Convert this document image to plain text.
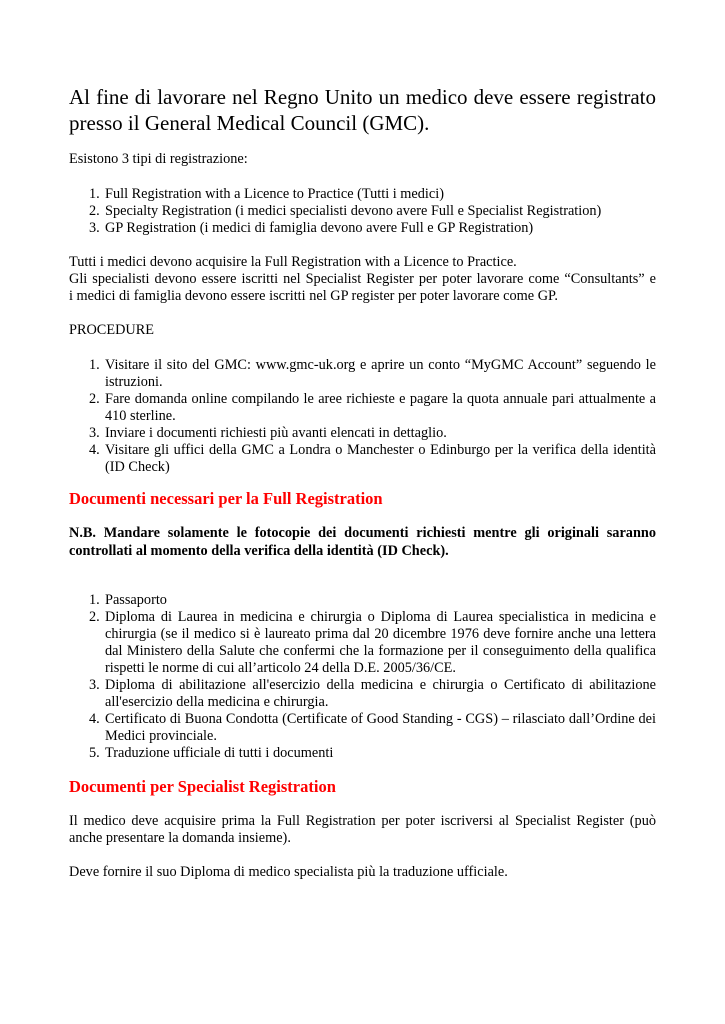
Al fine di lavorare nel Regno Unito un medico deve essere registrato
presso il General Medical Council (GMC).

Esistono 3 tipi di registrazione:

1. Full Registration with a Licence to Practice (Tutti i medici)
2. Specialty Registration (i medici specialisti devono avere Full e Specialist Registration)
3. GP Registration (i medici di famiglia devono avere Full e GP Registration)

Tutti i medici devono acquisire la Full Registration with a Licence to Practice.

Gli specialisti devono essere iscritti nel Specialist Register per poter lavorare come “Consultants” e

i medici di famiglia devono essere iscritti nel GP register per poter lavorare come GP.

PROCEDURE

1. Visitare il sito del GMC: www.gmc-uk.org e aprire un conto “MyGMC Account” seguendo le istruzioni.
2. Fare domanda online compilando le aree richieste e pagare la quota annuale pari attualmente a 410 sterline.
3. Inviare i documenti richiesti più avanti elencati in dettaglio.
4. Visitare gli uffici della GMC a Londra o Manchester o Edinburgo per la verifica della identità (ID Check)
Documenti necessari per la Full Registration

N.B. Mandare solamente le fotocopie dei documenti richiesti mentre gli originali saranno
controllati al momento della verifica della identità (ID Check).

1. Passaporto
2. Diploma di Laurea in medicina e chirurgia o Diploma di Laurea specialistica in medicina e chirurgia (se il medico si è laureato prima dal 20 dicembre 1976 deve fornire anche una lettera dal Ministero della Salute che confermi che la formazione per il conseguimento della qualifica rispetti le norme di cui all’articolo 24 della D.E. 2005/36/CE.
3. Diploma di abilitazione all'esercizio della medicina e chirurgia o Certificato di abilitazione all'esercizio della medicina e chirurgia.
4. Certificato di Buona Condotta (Certificate of Good Standing - CGS) – rilasciato dall’Ordine dei Medici provinciale.
5. Traduzione ufficiale di tutti i documenti
Documenti per Specialist Registration

Il medico deve acquisire prima la Full Registration per poter iscriversi al Specialist Register (può anche presentare la domanda insieme).

Deve fornire il suo Diploma di medico specialista più la traduzione ufficiale.
